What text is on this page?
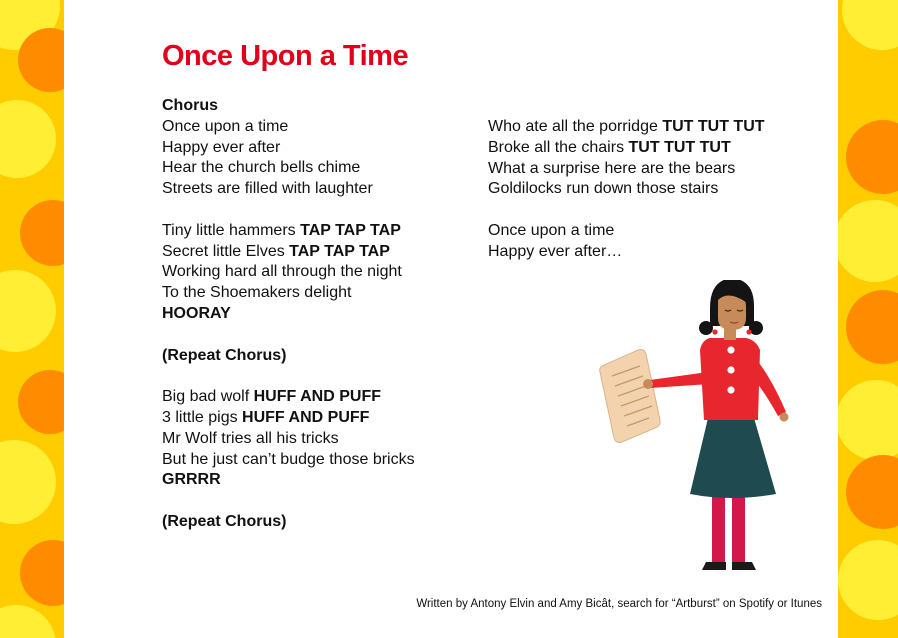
Once Upon a Time
Chorus
Once upon a time
Happy ever after
Hear the church bells chime
Streets are filled with laughter
Tiny little hammers TAP TAP TAP
Secret little Elves TAP TAP TAP
Working hard all through the night
To the Shoemakers delight
HOORAY
(Repeat Chorus)
Big bad wolf HUFF AND PUFF
3 little pigs HUFF AND PUFF
Mr Wolf tries all his tricks
But he just can’t budge those bricks
GRRRR
(Repeat Chorus)
Who ate all the porridge TUT TUT TUT
Broke all the chairs TUT TUT TUT
What a surprise here are the bears
Goldilocks run down those stairs
Once upon a time
Happy ever after…
Written by Antony Elvin and Amy Bicât, search for “Artburst” on Spotify or Itunes
